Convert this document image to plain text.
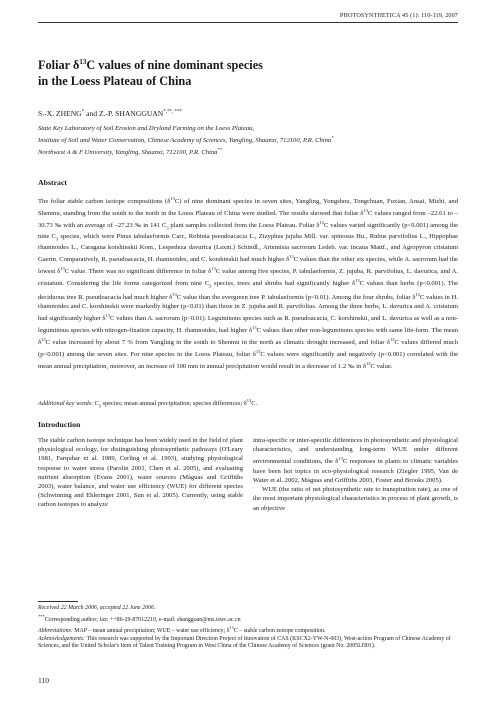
PHOTOSYNTHETICA 45 (1): 110-119, 2007
Foliar $\delta^{13}C$ values of nine dominant species
in the Loess Plateau of China
S.-X. ZHENG* and Z.-P. SHANGGUAN*,**, ***
State Key Laboratory of Soil Erosion and Dryland Farming on the Loess Plateau,
Institute of Soil and Water Conservation, Chinese Academy of Sciences, Yangling, Shaanxi, 712100, P.R. China*
Northwest A & F University, Yangling, Shaanxi, 712100, P.R. China**
Abstract
The foliar stable carbon isotope compositions $(\delta^{13}C)$ of nine dominant species in seven sites, Yangling, Yongshou, Tongchuan, Fuxian, Ansai, Mizhi, and Shenmu, standing from the south to the north in the Loess Plateau of China were studied. The results showed that foliar $\delta^{13}C$ values ranged from –22.61 to –30.73 ‰ with an average of –27.23 ‰ in 141 $C_3$ plant samples collected from the Loess Plateau. Foliar $\delta^{13}C$ values varied significantly (p<0.001) among the nine $C_3$ species, which were Pinus tabulaeformis Carr., Robinia pseudoacacia L., Zizyphus jujuba Mill. var. spinosus Hu., Rubus parvifolius L., Hippophae rhamnoides L., Caragana korshinskii Kom., Lespedeza davurica (Laxm.) Schindl., Artemisia sacrorum Ledeb. var. incana Mattf., and Agropyron cristatum Gaertn. Comparatively, R. pseudoacacia, H. rhamnoides, and C. korshinskii had much higher $\delta^{13}C$ values than the other six species, while A. sacrorum had the lowest $\delta^{13}C$ value. There was no significant difference in foliar $\delta^{13}C$ value among five species, P. tabulaeformis, Z. jujuba, R. parvifolius, L. davurica, and A. cristatum. Considering the life forms categorized from nine $C_3$ species, trees and shrubs had significantly higher $\delta^{13}C$ values than herbs (p<0.001). The deciduous tree R. pseudoacacia had much higher $\delta^{13}C$ value than the evergreen tree P. tabulaeformis (p<0.01). Among the four shrubs, foliar $\delta^{13}C$ values in H. rhamnoides and C. korshinskii were markedly higher (p<0.01) than those in Z. jujuba and R. parvifolius. Among the three herbs, L. davurica and A. cristatum had significantly higher $\delta^{13}C$ values than A. sacrorum (p<0.01). Leguminous species such as R. pseudoacacia, C. korshinskii, and L. davurica as well as a non-leguminous species with nitrogen-fixation capacity, H. rhamnoides, had higher $\delta^{13}C$ values than other non-leguminous species with same life-form. The mean $\delta^{13}C$ value increased by about 7 % from Yangling in the south to Shenmu in the north as climatic drought increased, and foliar $\delta^{13}C$ values differed much (p<0.001) among the seven sites. For nine species in the Loess Plateau, foliar $\delta^{13}C$ values were significantly and negatively (p<0.001) correlated with the mean annual precipitation, moreover, an increase of 100 mm in annual precipitation would result in a decrease of 1.2 ‰ in $\delta^{13}C$ value.
Additional key words: $C_3$ species; mean annual precipitation; species differences; $\delta^{13}C$.
Introduction

The stable carbon isotope technique has been widely used in the field of plant physiological ecology, for distinguishing photosynthetic pathways (O'Leary 1981, Farquhar et al. 1989, Cerling et al. 1993), studying physiological response to water stress (Parolin 2001, Chen et al. 2005), and evaluating nutrient absorption (Evans 2001), water sources (Máguas and Griffiths 2003), water balance, and water use efficiency (WUE) for different species (Schwinning and Ehleringer 2001, Sun et al. 2005). Currently, using stable carbon isotopes to analyze

intra-specific or inter-specific differences in photosynthetic and physiological characteristics, and understanding long-term WUE under different environmental conditions, the $\delta^{13}C$ responses in plants to climatic variables have been hot topics in eco-physiological research (Ziegler 1995, Van de Water et al. 2002, Máguas and Griffiths 2003, Foster and Brooks 2005).

WUE (the ratio of net photosynthetic rate to transpiration rate), as one of the most important physiological characteristics in process of plant growth, is an objective

Received 22 March 2006, accepted 22 June 2006.
***Corresponding author; fax: ++86-29-87012210, e-mail: shangguan@ms.iswc.ac.cn
Abbreviations: MAP – mean annual precipitation; WUE – water use efficiency; $\delta^{13}C$ – stable carbon isotope composition.
Acknowledgements: This research was supported by the Important Direction Project of Innovation of CAS (KSCX2-YW-N-003), West-action Program of Chinese Academy of Sciences, and the United Scholar's Item of Talent Training Program in West China of the Chinese Academy of Sciences (grant No. 2005LH01).
110
